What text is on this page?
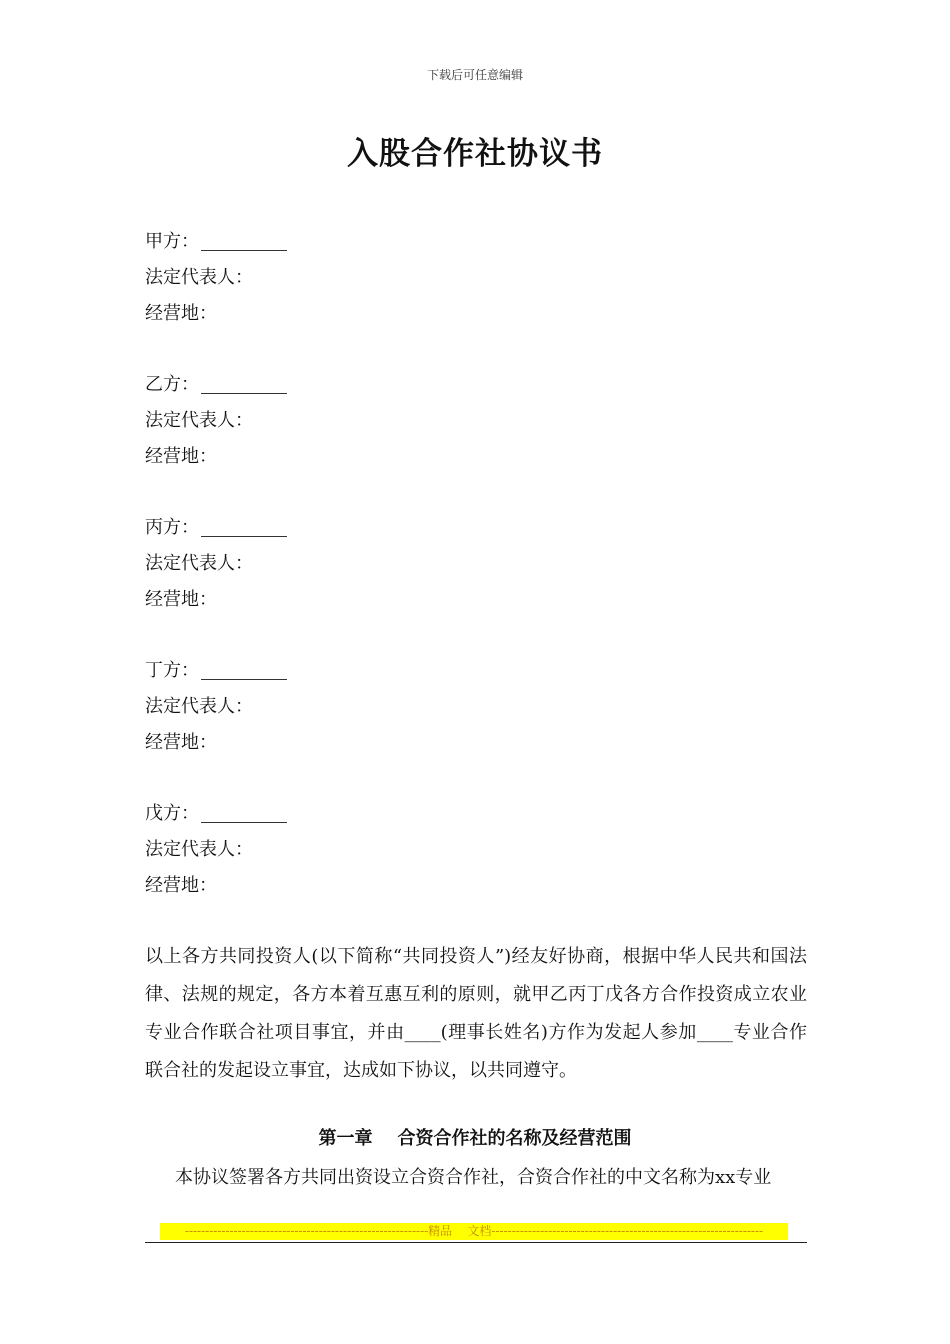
下载后可任意编辑
入股合作社协议书
甲方：
法定代表人：
经营地：
乙方：
法定代表人：
经营地：
丙方：
法定代表人：
经营地：
丁方：
法定代表人：
经营地：
戊方：
法定代表人：
经营地：
以上各方共同投资人(以下简称“共同投资人”)经友好协商，根据中华人民共和国法律、法规的规定，各方本着互惠互利的原则，就甲乙丙丁戊各方合作投资成立农业专业合作联合社项目事宜，并由____(理事长姓名)方作为发起人参加____专业合作联合社的发起设立事宜，达成如下协议，以共同遵守。
第一章    合资合作社的名称及经营范围
本协议签署各方共同出资设立合资合作社，合资合作社的中文名称为xx专业
------------------------------------------------------------精品    文档-------------------------------------------------------------------
